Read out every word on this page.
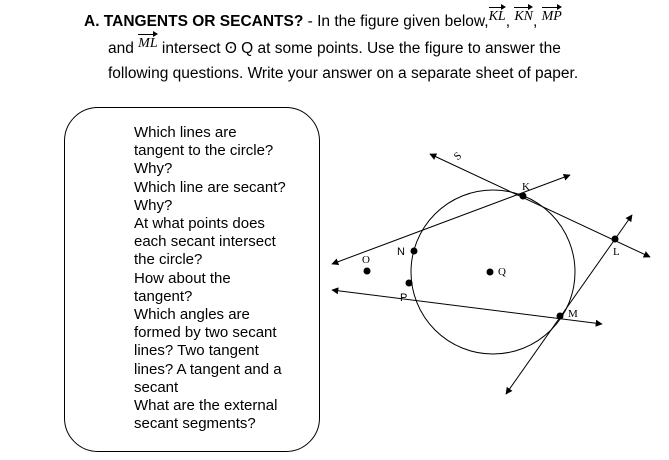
A. TANGENTS OR SECANTS? - In the figure given below,KL, KN, MP
and ML intersect ʘ Q at some points. Use the figure to answer the
following questions. Write your answer on a separate sheet of paper.
Which lines are
tangent to the circle?
Why?
Which line are secant?
Why?
At what points does
each secant intersect
the circle?
How about the
tangent?
Which angles are
formed by two secant
lines? Two tangent
lines? A tangent and a
secant
What are the external
secant segments?
S
K
L
N
O
Q
P
M
